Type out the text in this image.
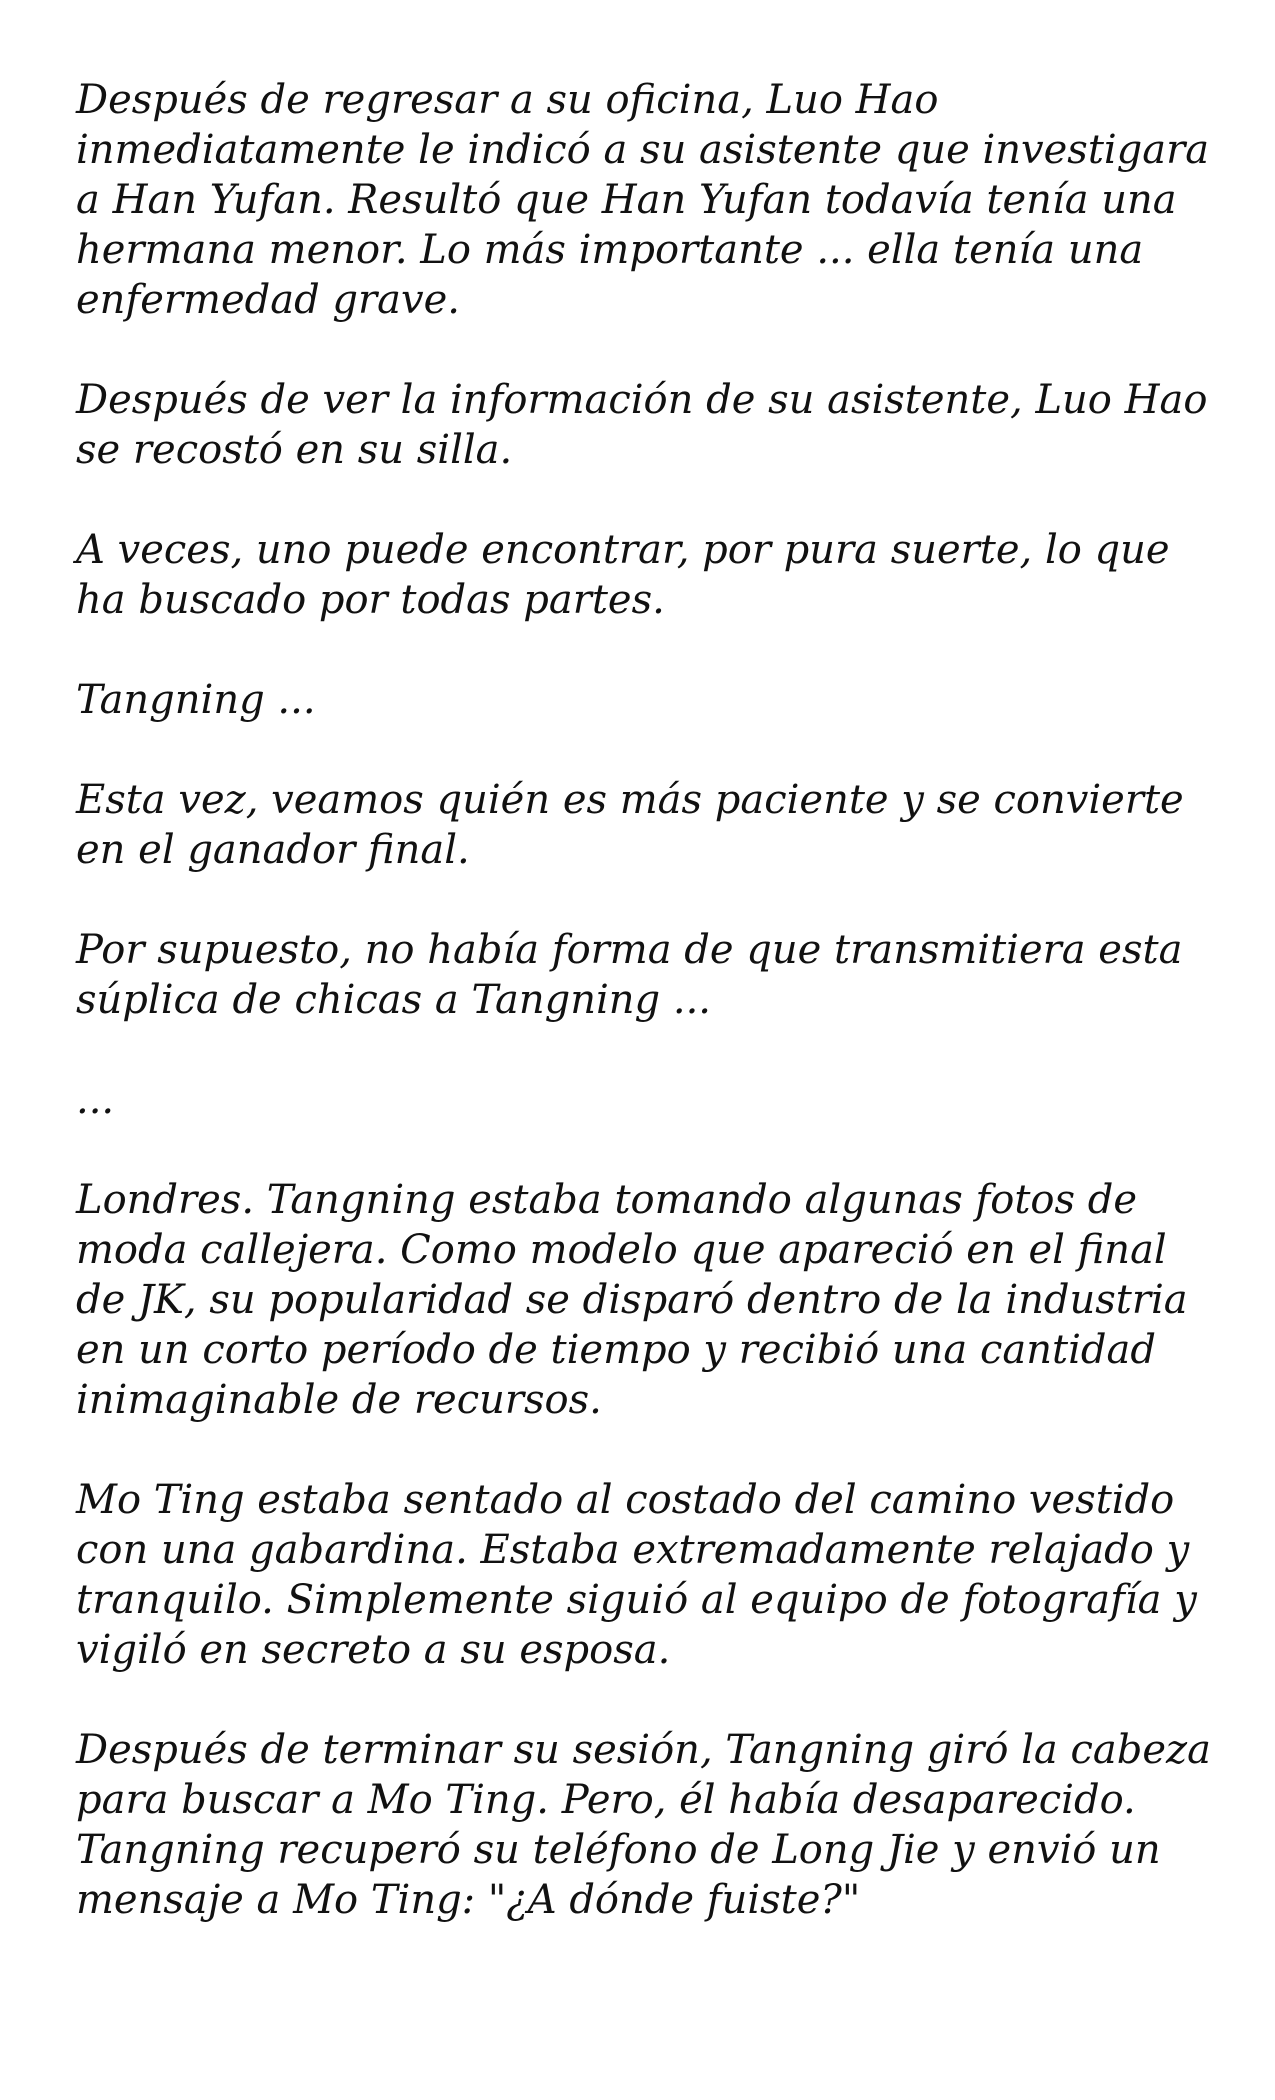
Después de regresar a su oficina, Luo Hao inmediatamente le indicó a su asistente que investigara a Han Yufan. Resultó que Han Yufan todavía tenía una hermana menor. Lo más importante ... ella tenía una enfermedad grave.

Después de ver la información de su asistente, Luo Hao se recostó en su silla.

A veces, uno puede encontrar, por pura suerte, lo que ha buscado por todas partes.

Tangning ...

Esta vez, veamos quién es más paciente y se convierte en el ganador final.

Por supuesto, no había forma de que transmitiera esta súplica de chicas a Tangning ...

...

Londres. Tangning estaba tomando algunas fotos de moda callejera. Como modelo que apareció en el final de JK, su popularidad se disparó dentro de la industria en un corto período de tiempo y recibió una cantidad inimaginable de recursos.

Mo Ting estaba sentado al costado del camino vestido con una gabardina. Estaba extremadamente relajado y tranquilo. Simplemente siguió al equipo de fotografía y vigiló en secreto a su esposa.

Después de terminar su sesión, Tangning giró la cabeza para buscar a Mo Ting. Pero, él había desaparecido. Tangning recuperó su teléfono de Long Jie y envió un mensaje a Mo Ting: "¿A dónde fuiste?"
